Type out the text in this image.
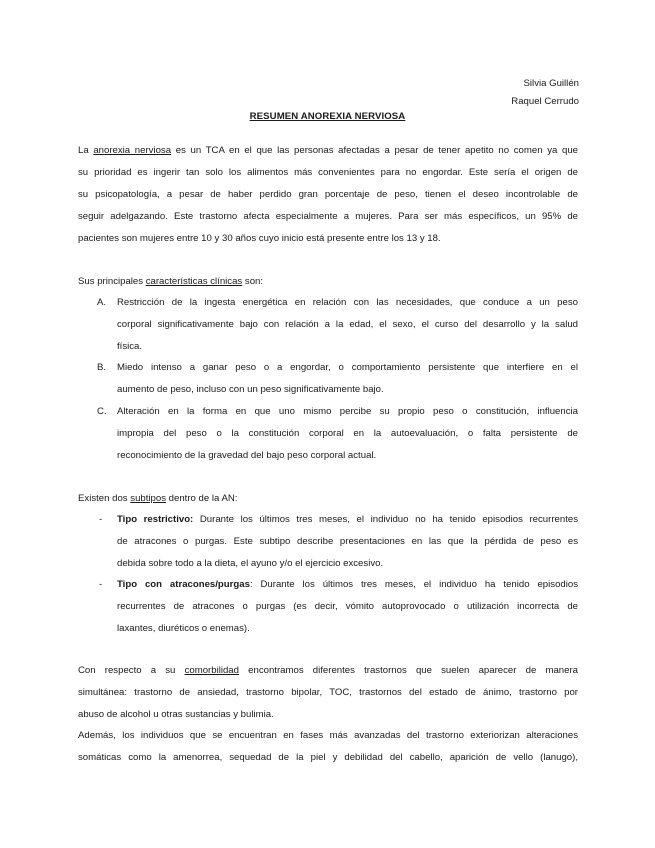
Silvia Guillén
Raquel Cerrudo
RESUMEN ANOREXIA NERVIOSA
La anorexia nerviosa es un TCA en el que las personas afectadas a pesar de tener apetito no comen ya que
su prioridad es ingerir tan solo los alimentos más convenientes para no engordar. Este sería el origen de
su psicopatología, a pesar de haber perdido gran porcentaje de peso, tienen el deseo incontrolable de
seguir adelgazando. Este trastorno afecta especialmente a mujeres. Para ser más específicos, un 95% de
pacientes son mujeres entre 10 y 30 años cuyo inicio está presente entre los 13 y 18.
Sus principales características clínicas son:
A. Restricción de la ingesta energética en relación con las necesidades, que conduce a un peso
corporal significativamente bajo con relación a la edad, el sexo, el curso del desarrollo y la salud
física.
B. Miedo intenso a ganar peso o a engordar, o comportamiento persistente que interfiere en el
aumento de peso, incluso con un peso significativamente bajo.
C. Alteración en la forma en que uno mismo percibe su propio peso o constitución, influencia
impropia del peso o la constitución corporal en la autoevaluación, o falta persistente de
reconocimiento de la gravedad del bajo peso corporal actual.
Existen dos subtipos dentro de la AN:
- Tipo restrictivo: Durante los últimos tres meses, el individuo no ha tenido episodios recurrentes
de atracones o purgas. Este subtipo describe presentaciones en las que la pérdida de peso es
debida sobre todo a la dieta, el ayuno y/o el ejercicio excesivo.
- Tipo con atracones/purgas: Durante los últimos tres meses, el individuo ha tenido episodios
recurrentes de atracones o purgas (es decir, vómito autoprovocado o utilización incorrecta de
laxantes, diuréticos o enemas).
Con respecto a su comorbilidad encontramos diferentes trastornos que suelen aparecer de manera
simultánea: trastorno de ansiedad, trastorno bipolar, TOC, trastornos del estado de ánimo, trastorno por
abuso de alcohol u otras sustancias y bulimia.
Además, los individuos que se encuentran en fases más avanzadas del trastorno exteriorizan alteraciones
somáticas como la amenorrea, sequedad de la piel y debilidad del cabello, aparición de vello (lanugo),
